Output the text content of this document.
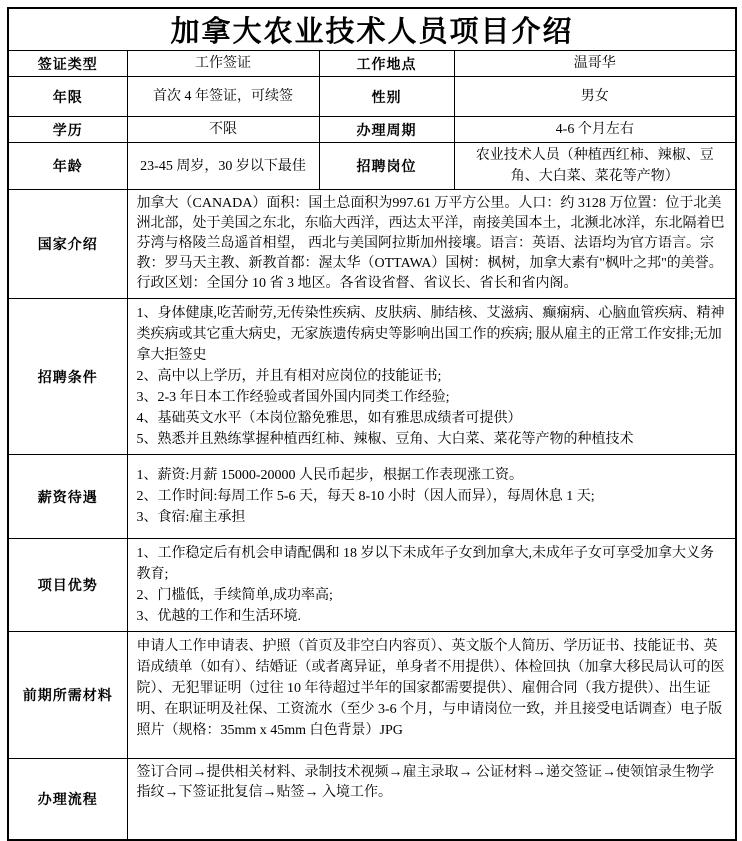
加拿大农业技术人员项目介绍			
签证类型	工作签证	工作地点	温哥华
年限	首次 4 年签证，可续签	性别	男女
学历	不限	办理周期	4-6 个月左右
年龄	23-45 周岁，30 岁以下最佳	招聘岗位	农业技术人员（种植西红柿、辣椒、豆角、大白菜、菜花等产物）
国家介绍	加拿大（CANADA）面积：国土总面积为997.61 万平方公里。人口：约 3128 万位置：位于北美洲北部，处于美国之东北，东临大西洋，西达太平洋，南接美国本土，北濒北冰洋，东北隔着巴芬湾与格陵兰岛遥首相望， 西北与美国阿拉斯加州接壤。语言：英语、法语均为官方语言。宗教：罗马天主教、新教首都：渥太华（OTTAWA）国树：枫树，加拿大素有"枫叶之邦"的美誉。行政区划：全国分 10 省 3 地区。各省设省督、省议长、省长和省内阁。		
招聘条件	1、身体健康,吃苦耐劳,无传染性疾病、皮肤病、肺结核、艾滋病、癫痫病、心脑血管疾病、精神类疾病或其它重大病史，无家族遗传病史等影响出国工作的疾病; 服从雇主的正常工作安排;无加拿大拒签史
2、高中以上学历，并且有相对应岗位的技能证书;
3、2-3 年日本工作经验或者国外国内同类工作经验;
4、基础英文水平（本岗位豁免雅思，如有雅思成绩者可提供）
5、熟悉并且熟练掌握种植西红柿、辣椒、豆角、大白菜、菜花等产物的种植技术		

薪资待遇	1、薪资:月薪 15000-20000 人民币起步，根据工作表现涨工资。
2、工作时间:每周工作 5-6 天，每天 8-10 小时（因人而异），每周休息 1 天;
3、食宿:雇主承担		

项目优势	1、工作稳定后有机会申请配偶和 18 岁以下未成年子女到加拿大,未成年子女可享受加拿大义务教育;
2、门槛低，手续简单,成功率高;
3、优越的工作和生活环境.		

前期所需材料	申请人工作申请表、护照（首页及非空白内容页）、英文版个人简历、学历证书、技能证书、英语成绩单（如有）、结婚证（或者离异证，单身者不用提供）、体检回执（加拿大移民局认可的医院）、无犯罪证明（过往 10 年待超过半年的国家都需要提供）、雇佣合同（我方提供）、出生证明、在职证明及社保、工资流水（至少 3-6 个月，与申请岗位一致，并且接受电话调查）电子版照片（规格：35mm x 45mm 白色背景）JPG		
办理流程	签订合同→提供相关材料、录制技术视频→雇主录取→ 公证材料→递交签证→使领馆录生物学指纹→下签证批复信→贴签→ 入境工作。		
